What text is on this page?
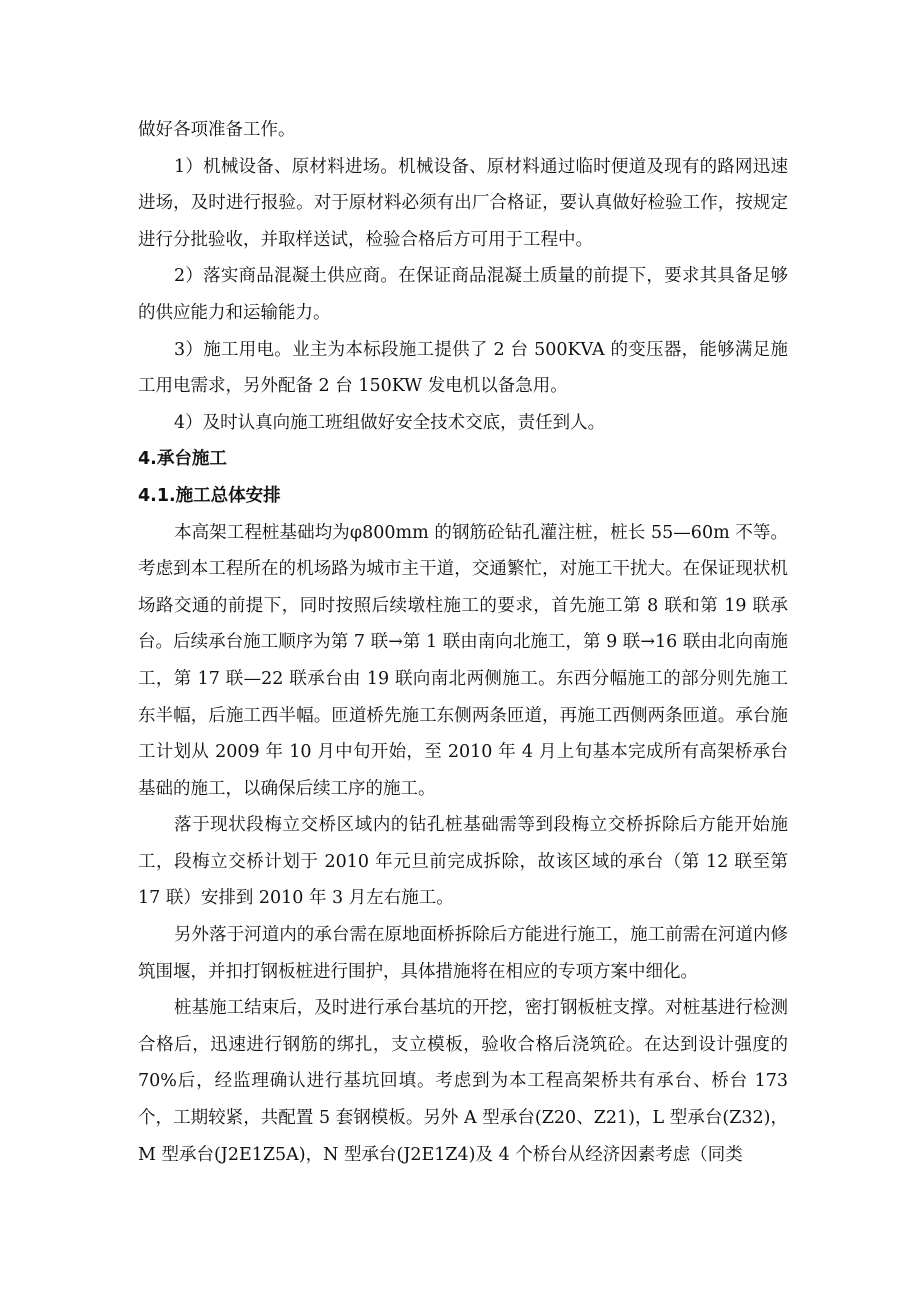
做好各项准备工作。

1）机械设备、原材料进场。机械设备、原材料通过临时便道及现有的路网迅速进场，及时进行报验。对于原材料必须有出厂合格证，要认真做好检验工作，按规定进行分批验收，并取样送试，检验合格后方可用于工程中。

2）落实商品混凝土供应商。在保证商品混凝土质量的前提下，要求其具备足够的供应能力和运输能力。

3）施工用电。业主为本标段施工提供了 2 台 500KVA 的变压器，能够满足施工用电需求，另外配备 2 台 150KW 发电机以备急用。

4）及时认真向施工班组做好安全技术交底，责任到人。

4.承台施工

4.1.施工总体安排

本高架工程桩基础均为φ800mm 的钢筋砼钻孔灌注桩，桩长 55—60m 不等。考虑到本工程所在的机场路为城市主干道，交通繁忙，对施工干扰大。在保证现状机场路交通的前提下，同时按照后续墩柱施工的要求，首先施工第 8 联和第 19 联承台。后续承台施工顺序为第 7 联→第 1 联由南向北施工，第 9 联→16 联由北向南施工，第 17 联—22 联承台由 19 联向南北两侧施工。东西分幅施工的部分则先施工东半幅，后施工西半幅。匝道桥先施工东侧两条匝道，再施工西侧两条匝道。承台施工计划从 2009 年 10 月中旬开始，至 2010 年 4 月上旬基本完成所有高架桥承台基础的施工，以确保后续工序的施工。

落于现状段梅立交桥区域内的钻孔桩基础需等到段梅立交桥拆除后方能开始施工，段梅立交桥计划于 2010 年元旦前完成拆除，故该区域的承台（第 12 联至第 17 联）安排到 2010 年 3 月左右施工。

另外落于河道内的承台需在原地面桥拆除后方能进行施工，施工前需在河道内修筑围堰，并扣打钢板桩进行围护，具体措施将在相应的专项方案中细化。

桩基施工结束后，及时进行承台基坑的开挖，密打钢板桩支撑。对桩基进行检测合格后，迅速进行钢筋的绑扎，支立模板，验收合格后浇筑砼。在达到设计强度的 70%后，经监理确认进行基坑回填。考虑到为本工程高架桥共有承台、桥台 173 个，工期较紧，共配置 5 套钢模板。另外 A 型承台(Z20、Z21)，L 型承台(Z32)，M 型承台(J2E1Z5A)，N 型承台(J2E1Z4)及 4 个桥台从经济因素考虑（同类
